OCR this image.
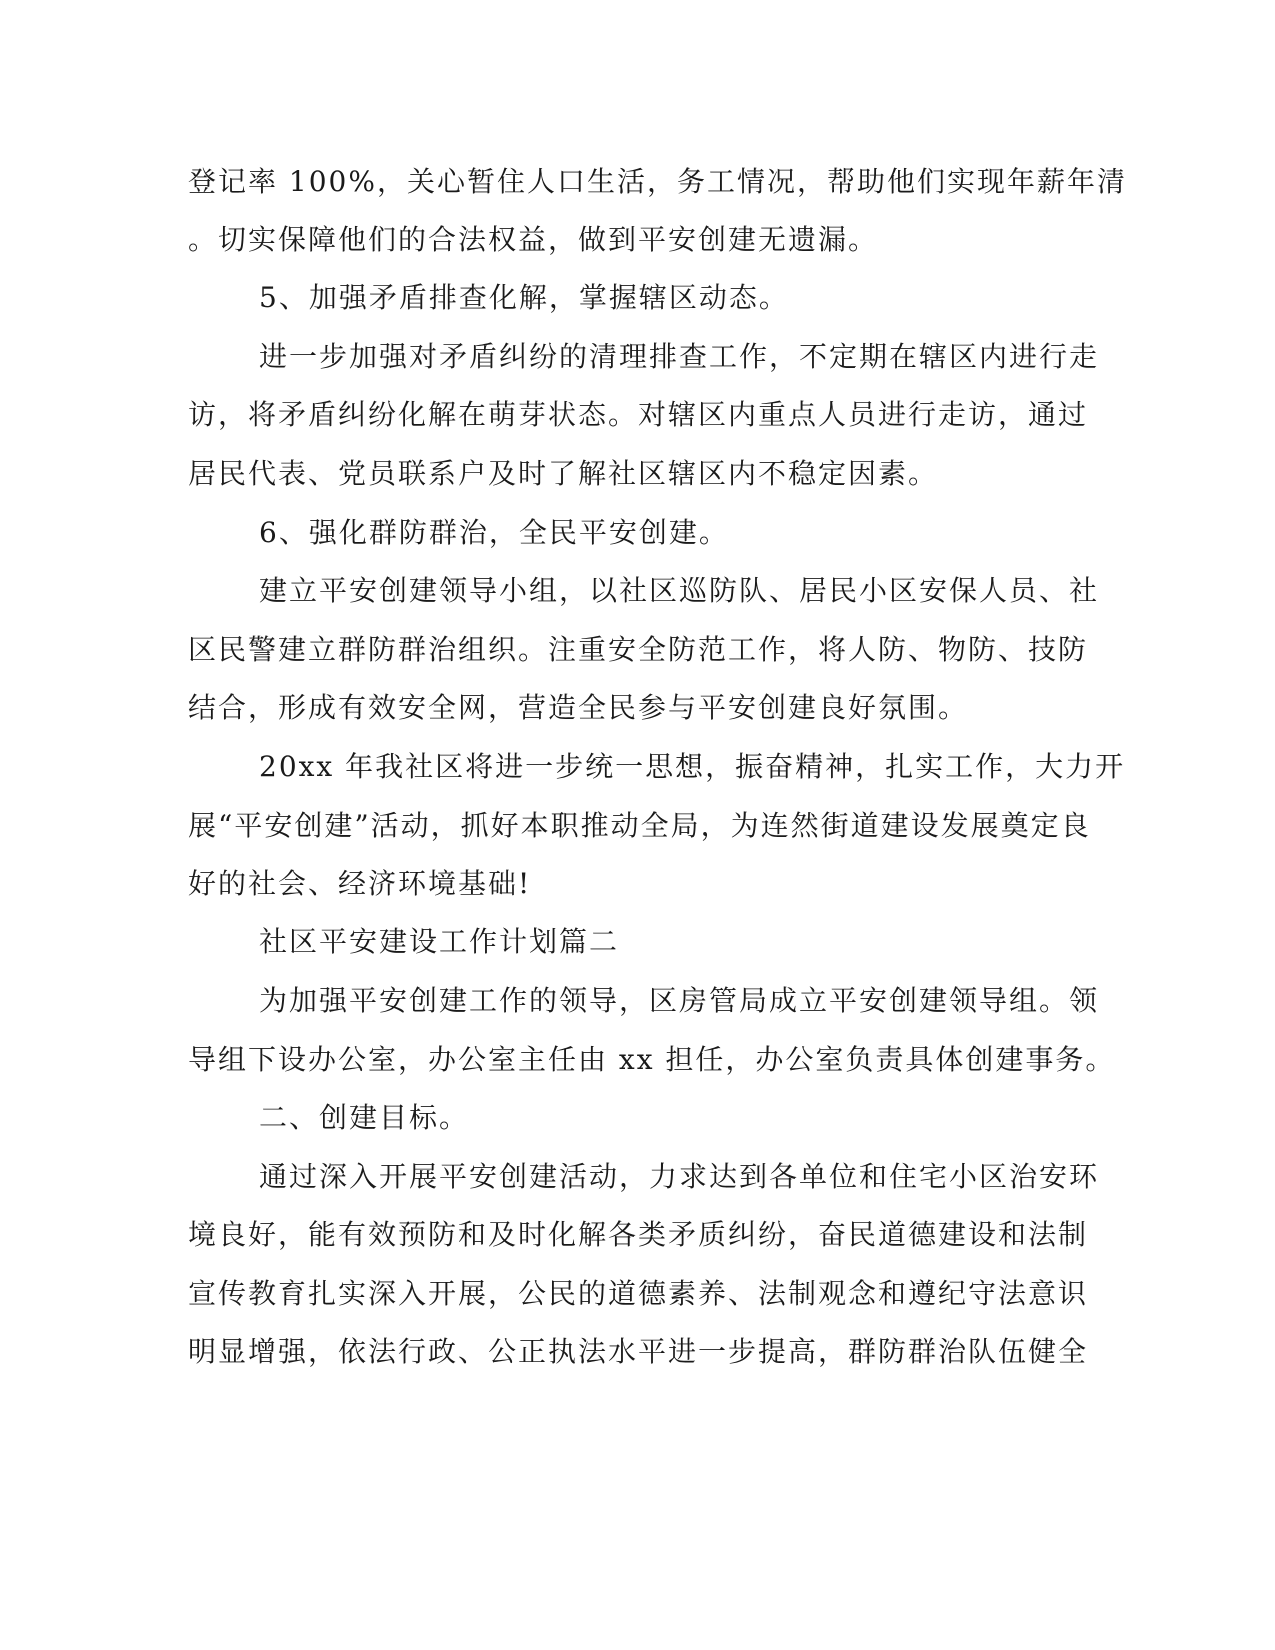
登记率 100%，关心暂住人口生活，务工情况，帮助他们实现年薪年清
。切实保障他们的合法权益，做到平安创建无遗漏。
5、加强矛盾排查化解，掌握辖区动态。
进一步加强对矛盾纠纷的清理排查工作，不定期在辖区内进行走
访，将矛盾纠纷化解在萌芽状态。对辖区内重点人员进行走访，通过
居民代表、党员联系户及时了解社区辖区内不稳定因素。
6、强化群防群治，全民平安创建。
建立平安创建领导小组，以社区巡防队、居民小区安保人员、社
区民警建立群防群治组织。注重安全防范工作，将人防、物防、技防
结合，形成有效安全网，营造全民参与平安创建良好氛围。
20xx 年我社区将进一步统一思想，振奋精神，扎实工作，大力开
展“平安创建”活动，抓好本职推动全局，为连然街道建设发展奠定良
好的社会、经济环境基础!
社区平安建设工作计划篇二
为加强平安创建工作的领导，区房管局成立平安创建领导组。领
导组下设办公室，办公室主任由 xx 担任，办公室负责具体创建事务。
二、创建目标。
通过深入开展平安创建活动，力求达到各单位和住宅小区治安环
境良好，能有效预防和及时化解各类矛质纠纷，奋民道德建设和法制
宣传教育扎实深入开展，公民的道德素养、法制观念和遵纪守法意识
明显增强，依法行政、公正执法水平进一步提高，群防群治队伍健全
